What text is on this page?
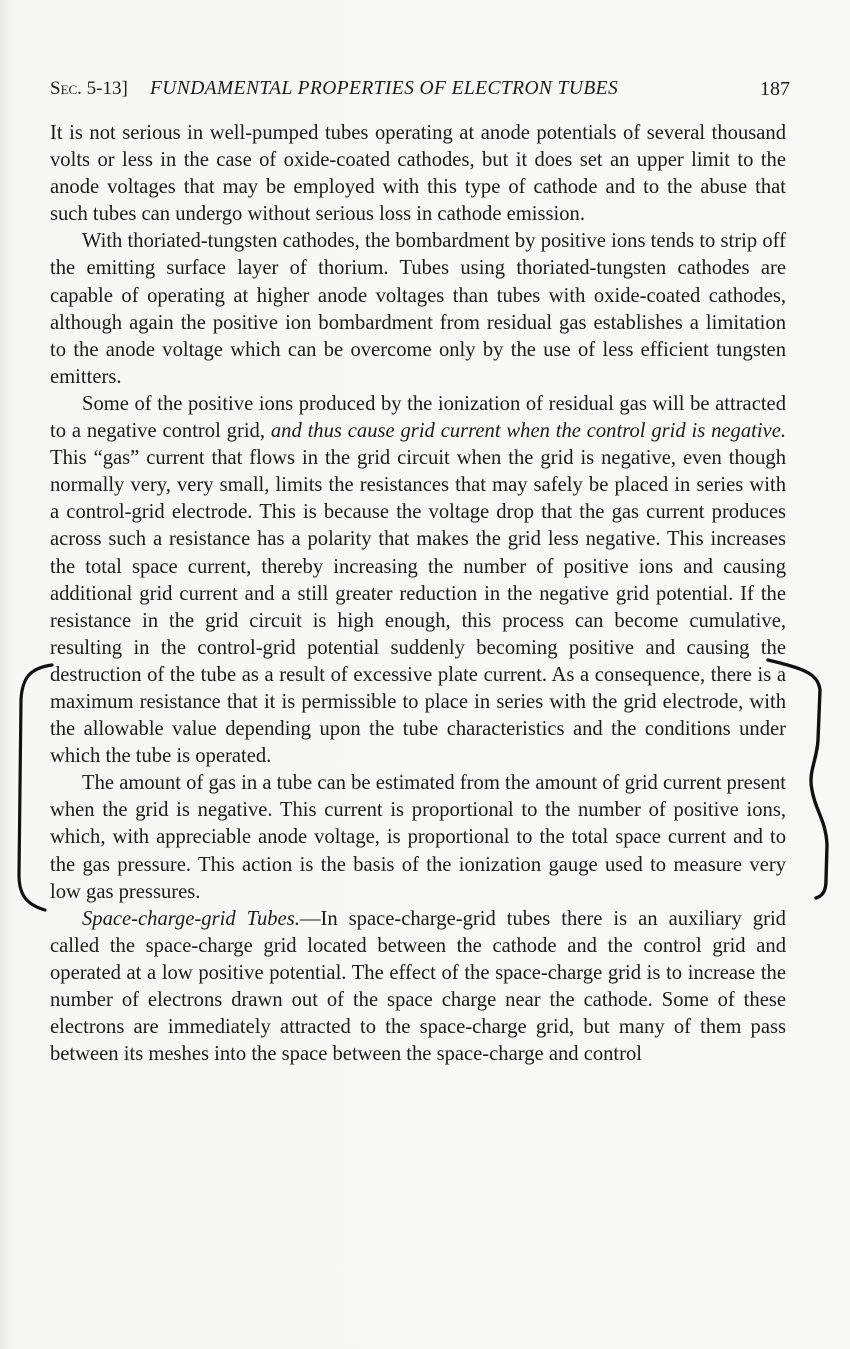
Sec. 5-13] FUNDAMENTAL PROPERTIES OF ELECTRON TUBES	187

It is not serious in well-pumped tubes operating at anode potentials of several thousand volts or less in the case of oxide-coated cathodes, but it does set an upper limit to the anode voltages that may be employed with this type of cathode and to the abuse that such tubes can undergo without serious loss in cathode emission.

With thoriated-tungsten cathodes, the bombardment by positive ions tends to strip off the emitting surface layer of thorium. Tubes using thoriated-tungsten cathodes are capable of operating at higher anode voltages than tubes with oxide-coated cathodes, although again the positive ion bombardment from residual gas establishes a limitation to the anode voltage which can be overcome only by the use of less efficient tungsten emitters.

Some of the positive ions produced by the ionization of residual gas will be attracted to a negative control grid, and thus cause grid current when the control grid is negative. This “gas” current that flows in the grid circuit when the grid is negative, even though normally very, very small, limits the resistances that may safely be placed in series with a control-grid electrode. This is because the voltage drop that the gas current produces across such a resistance has a polarity that makes the grid less negative. This increases the total space current, thereby increasing the number of positive ions and causing additional grid current and a still greater reduction in the negative grid potential. If the resistance in the grid circuit is high enough, this process can become cumulative, resulting in the control-grid potential suddenly becoming positive and causing the destruction of the tube as a result of excessive plate current. As a consequence, there is a maximum resistance that it is permissible to place in series with the grid electrode, with the allowable value depending upon the tube characteristics and the conditions under which the tube is operated.

The amount of gas in a tube can be estimated from the amount of grid current present when the grid is negative. This current is proportional to the number of positive ions, which, with appreciable anode voltage, is proportional to the total space current and to the gas pressure. This action is the basis of the ionization gauge used to measure very low gas pressures.

Space-charge-grid Tubes.—In space-charge-grid tubes there is an auxiliary grid called the space-charge grid located between the cathode and the control grid and operated at a low positive potential. The effect of the space-charge grid is to increase the number of electrons drawn out of the space charge near the cathode. Some of these electrons are immediately attracted to the space-charge grid, but many of them pass between its meshes into the space between the space-charge and control
